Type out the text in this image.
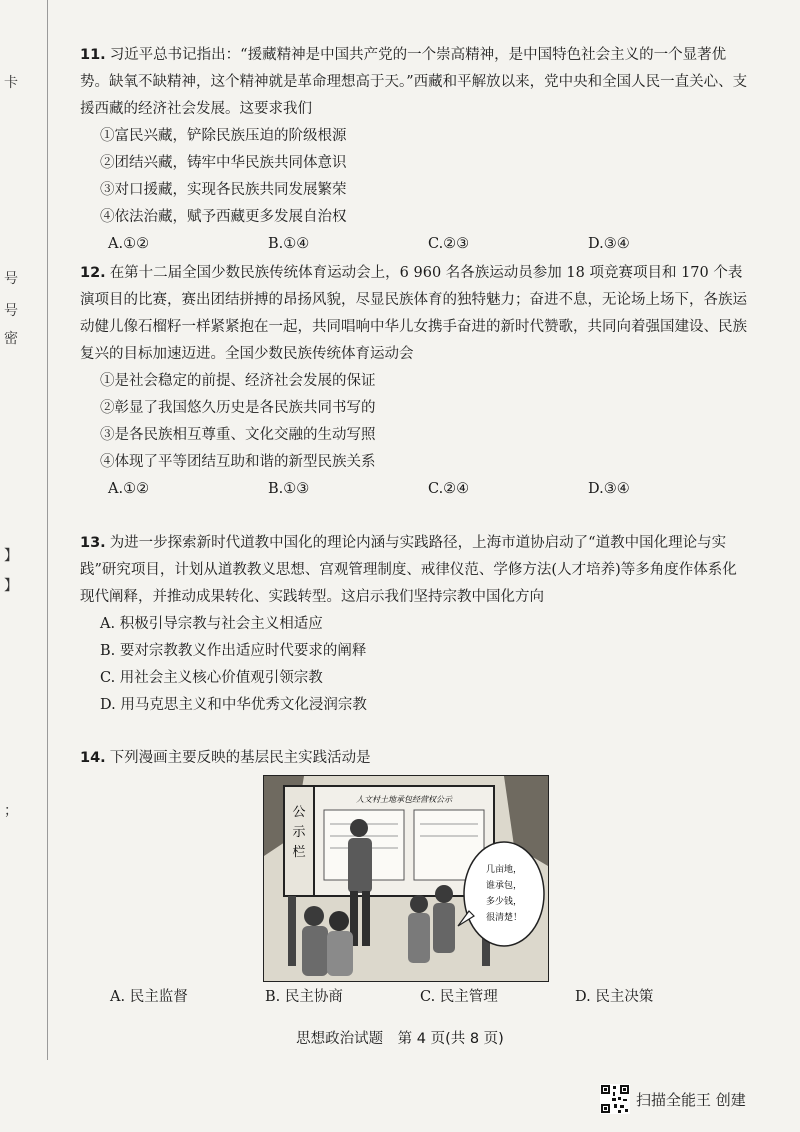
卡
号
号
密
】
】
；

11. 习近平总书记指出：“援藏精神是中国共产党的一个崇高精神，是中国特色社会主义的一个显著优势。缺氧不缺精神，这个精神就是革命理想高于天。”西藏和平解放以来，党中央和全国人民一直关心、支援西藏的经济社会发展。这要求我们

①富民兴藏，铲除民族压迫的阶级根源

②团结兴藏，铸牢中华民族共同体意识

③对口援藏，实现各民族共同发展繁荣

④依法治藏，赋予西藏更多发展自治权

A.①②	B.①④	C.②③	D.③④

12. 在第十二届全国少数民族传统体育运动会上，6 960 名各族运动员参加 18 项竞赛项目和 170 个表演项目的比赛，赛出团结拼搏的昂扬风貌，尽显民族体育的独特魅力；奋进不息，无论场上场下，各族运动健儿像石榴籽一样紧紧抱在一起，共同唱响中华儿女携手奋进的新时代赞歌，共同向着强国建设、民族复兴的目标加速迈进。全国少数民族传统体育运动会

①是社会稳定的前提、经济社会发展的保证

②彰显了我国悠久历史是各民族共同书写的

③是各民族相互尊重、文化交融的生动写照

④体现了平等团结互助和谐的新型民族关系

A.①②	B.①③	C.②④	D.③④

13. 为进一步探索新时代道教中国化的理论内涵与实践路径，上海市道协启动了“道教中国化理论与实践”研究项目，计划从道教教义思想、宫观管理制度、戒律仪范、学修方法(人才培养)等多角度作体系化现代阐释，并推动成果转化、实践转型。这启示我们坚持宗教中国化方向

A. 积极引导宗教与社会主义相适应

B. 要对宗教教义作出适应时代要求的阐释

C. 用社会主义核心价值观引领宗教

D. 用马克思主义和中华优秀文化浸润宗教

14. 下列漫画主要反映的基层民主实践活动是

公
示
栏
人文村土地承包经营权公示
几亩地，
谁承包，
多少钱，
很清楚！
A. 民主监督	B. 民主协商	C. 民主管理	D. 民主决策
思想政治试题　第 4 页(共 8 页)
扫描全能王 创建
